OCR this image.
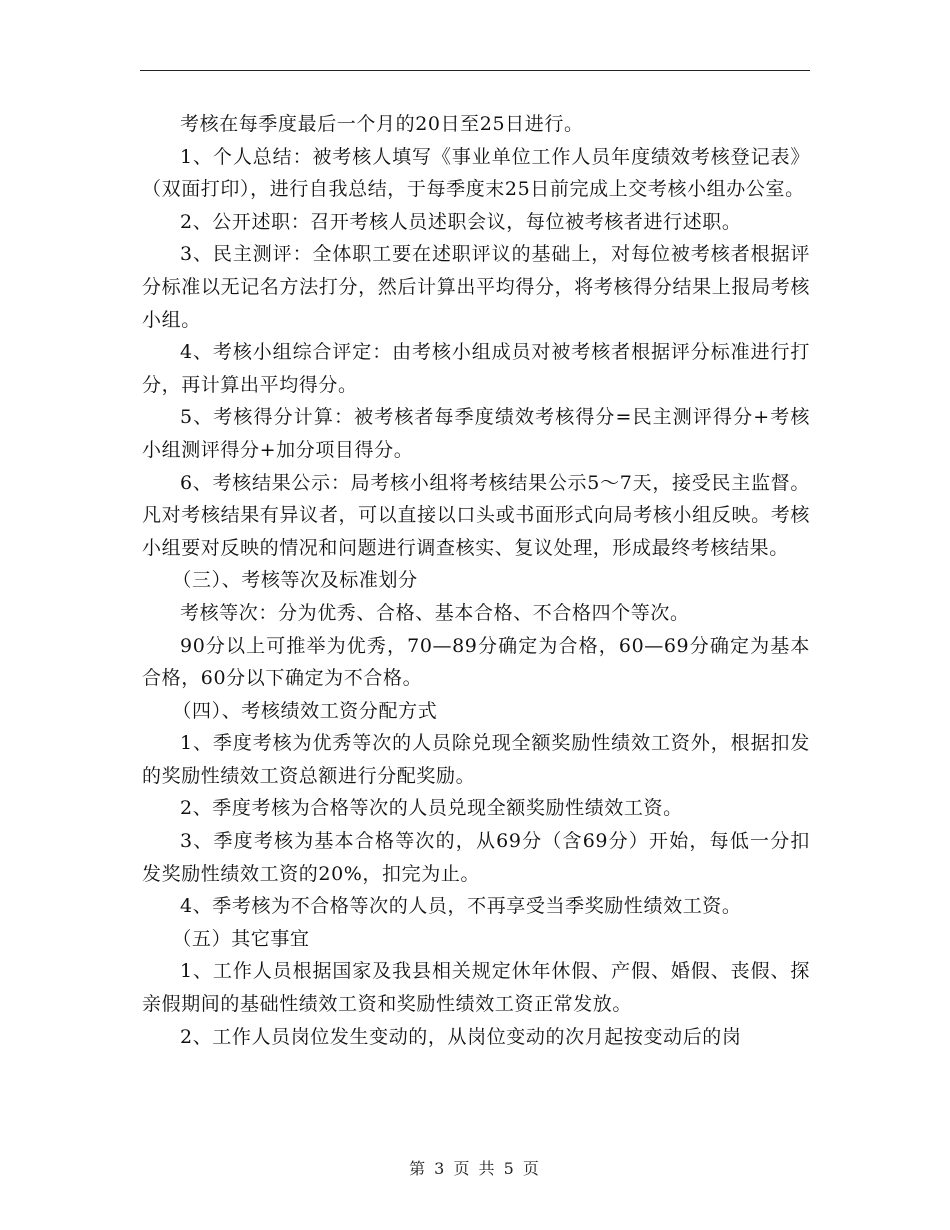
考核在每季度最后一个月的20日至25日进行。

1、个人总结：被考核人填写《事业单位工作人员年度绩效考核登记表》（双面打印），进行自我总结，于每季度末25日前完成上交考核小组办公室。

2、公开述职：召开考核人员述职会议，每位被考核者进行述职。

3、民主测评：全体职工要在述职评议的基础上，对每位被考核者根据评分标准以无记名方法打分，然后计算出平均得分，将考核得分结果上报局考核小组。

4、考核小组综合评定：由考核小组成员对被考核者根据评分标准进行打分，再计算出平均得分。

5、考核得分计算：被考核者每季度绩效考核得分=民主测评得分+考核小组测评得分+加分项目得分。

6、考核结果公示：局考核小组将考核结果公示5～7天，接受民主监督。凡对考核结果有异议者，可以直接以口头或书面形式向局考核小组反映。考核小组要对反映的情况和问题进行调查核实、复议处理，形成最终考核结果。

（三）、考核等次及标准划分

考核等次：分为优秀、合格、基本合格、不合格四个等次。

90分以上可推举为优秀，70—89分确定为合格，60—69分确定为基本合格，60分以下确定为不合格。

（四）、考核绩效工资分配方式

1、季度考核为优秀等次的人员除兑现全额奖励性绩效工资外，根据扣发的奖励性绩效工资总额进行分配奖励。

2、季度考核为合格等次的人员兑现全额奖励性绩效工资。

3、季度考核为基本合格等次的，从69分（含69分）开始，每低一分扣发奖励性绩效工资的20%，扣完为止。

4、季考核为不合格等次的人员，不再享受当季奖励性绩效工资。

（五）其它事宜

1、工作人员根据国家及我县相关规定休年休假、产假、婚假、丧假、探亲假期间的基础性绩效工资和奖励性绩效工资正常发放。

2、工作人员岗位发生变动的，从岗位变动的次月起按变动后的岗

第 3 页 共 5 页
